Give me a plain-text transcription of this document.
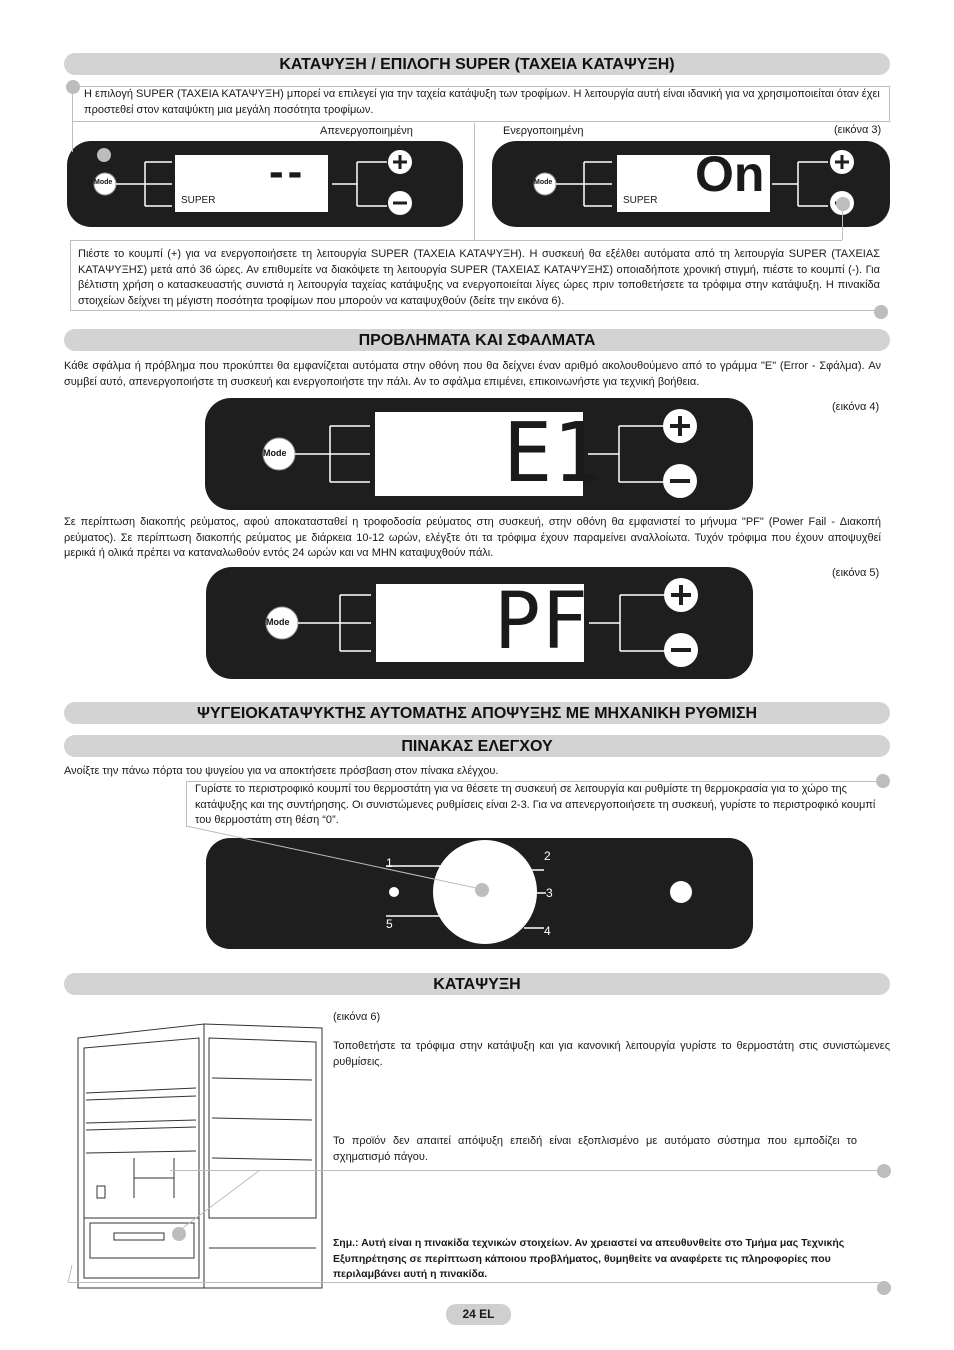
ΚΑΤΑΨΥΞΗ / ΕΠΙΛΟΓΗ SUPER (ΤΑΧΕΙΑ ΚΑΤΑΨΥΞΗ)
Η επιλογή SUPER (ΤΑΧΕΙΑ ΚΑΤΑΨΥΞΗ) μπορεί να επιλεγεί για την ταχεία κατάψυξη των τροφίμων. Η λειτουργία αυτή είναι ιδανική για να χρησιμοποιείται όταν έχει προστεθεί στον καταψύκτη μια μεγάλη ποσότητα τροφίμων.
Απενεργοποιημένη	Ενεργοποιημένη	(εικόνα 3)
Mode	--
SUPER
Mode	On
SUPER
Πιέστε το κουμπί (+) για να ενεργοποιήσετε τη λειτουργία SUPER (ΤΑΧΕΙΑ ΚΑΤΑΨΥΞΗ). Η συσκευή θα εξέλθει αυτόματα από τη λειτουργία SUPER (ΤΑΧΕΙΑΣ ΚΑΤΑΨΥΞΗΣ) μετά από 36 ώρες. Αν επιθυμείτε να διακόψετε τη λειτουργία SUPER (ΤΑΧΕΙΑΣ ΚΑΤΑΨΥΞΗΣ) οποιαδήποτε χρονική στιγμή, πιέστε το κουμπί (-). Για βέλτιστη χρήση ο κατασκευαστής συνιστά η λειτουργία ταχείας κατάψυξης να ενεργοποιείται λίγες ώρες πριν τοποθετήσετε τα τρόφιμα στην κατάψυξη. Η πινακίδα στοιχείων δείχνει τη μέγιστη ποσότητα τροφίμων που μπορούν να καταψυχθούν (δείτε την εικόνα 6).
ΠΡΟΒΛΗΜΑΤΑ ΚΑΙ ΣΦΑΛΜΑΤΑ
Κάθε σφάλμα ή πρόβλημα που προκύπτει θα εμφανίζεται αυτόματα στην οθόνη που θα δείχνει έναν αριθμό ακολουθούμενο από το γράμμα "E" (Error - Σφάλμα). Αν συμβεί αυτό, απενεργοποιήστε τη συσκευή και ενεργοποιήστε την πάλι. Αν το σφάλμα επιμένει, επικοινωνήστε για τεχνική βοήθεια.
(εικόνα 4)
Mode	E1
Σε περίπτωση διακοπής ρεύματος, αφού αποκατασταθεί η τροφοδοσία ρεύματος στη συσκευή, στην οθόνη θα εμφανιστεί το μήνυμα "PF" (Power Fail - Διακοπή ρεύματος). Σε περίπτωση διακοπής ρεύματος με διάρκεια 10-12 ωρών, ελέγξτε ότι τα τρόφιμα έχουν παραμείνει αναλλοίωτα. Τυχόν τρόφιμα που έχουν αποψυχθεί μερικά ή ολικά πρέπει να καταναλωθούν εντός 24 ωρών και να ΜΗΝ καταψυχθούν πάλι.
(εικόνα 5)
Mode	PF
ΨΥΓΕΙΟΚΑΤΑΨΥΚΤΗΣ ΑΥΤΟΜΑΤΗΣ ΑΠΟΨΥΞΗΣ ΜΕ ΜΗΧΑΝΙΚΗ ΡΥΘΜΙΣΗ
ΠΙΝΑΚΑΣ ΕΛΕΓΧΟΥ
Ανοίξτε την πάνω πόρτα του ψυγείου για να αποκτήσετε πρόσβαση στον πίνακα ελέγχου.
Γυρίστε το περιστροφικό κουμπί του θερμοστάτη για να θέσετε τη συσκευή σε λειτουργία και ρυθμίστε τη θερμοκρασία για το χώρο της κατάψυξης και της συντήρησης. Οι συνιστώμενες ρυθμίσεις είναι 2-3. Για να απενεργοποιήσετε τη συσκευή, γυρίστε το περιστροφικό κουμπί του θερμοστάτη στη θέση “0”.
1	2
3
4
5
ΚΑΤΑΨΥΞΗ
(εικόνα 6)
Τοποθετήστε τα τρόφιμα στην κατάψυξη και για κανονική λειτουργία γυρίστε το θερμοστάτη στις συνιστώμενες ρυθμίσεις.
Το προϊόν δεν απαιτεί απόψυξη επειδή είναι εξοπλισμένο με αυτόματο σύστημα που εμποδίζει το σχηματισμό πάγου.
Σημ.: Αυτή είναι η πινακίδα τεχνικών στοιχείων. Αν χρειαστεί να απευθυνθείτε στο Τμήμα μας Τεχνικής Εξυπηρέτησης σε περίπτωση κάποιου προβλήματος, θυμηθείτε να αναφέρετε τις πληροφορίες που περιλαμβάνει αυτή η πινακίδα.
24 EL
